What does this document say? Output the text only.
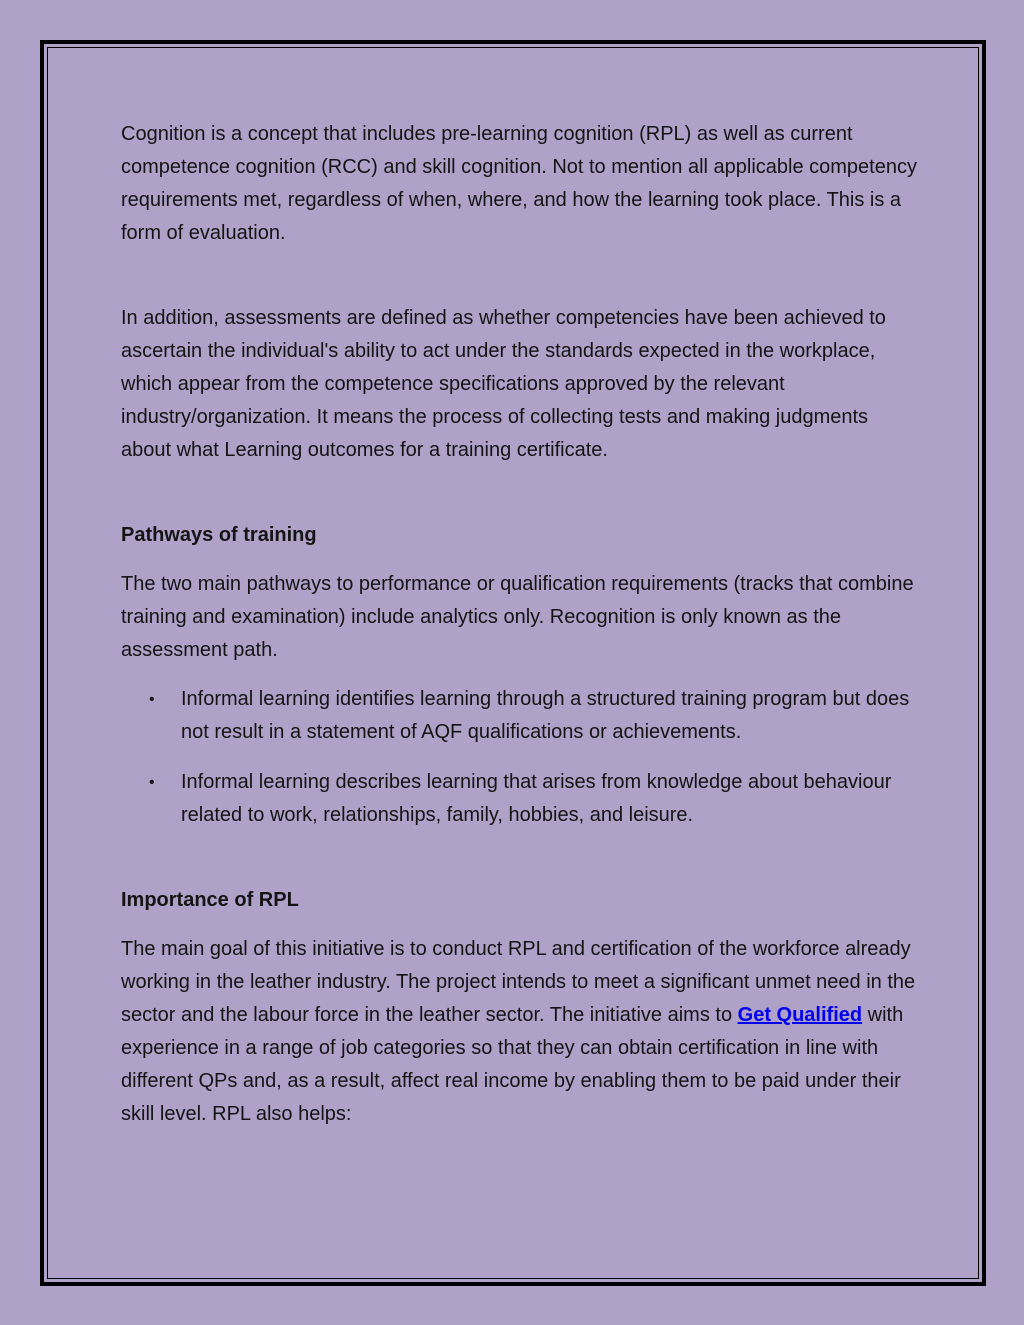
Cognition is a concept that includes pre-learning cognition (RPL) as well as current competence cognition (RCC) and skill cognition. Not to mention all applicable competency requirements met, regardless of when, where, and how the learning took place. This is a form of evaluation.

In addition, assessments are defined as whether competencies have been achieved to ascertain the individual's ability to act under the standards expected in the workplace, which appear from the competence specifications approved by the relevant industry/organization. It means the process of collecting tests and making judgments about what Learning outcomes for a training certificate.

Pathways of training

The two main pathways to performance or qualification requirements (tracks that combine training and examination) include analytics only. Recognition is only known as the assessment path.

• Informal learning identifies learning through a structured training program but does not result in a statement of AQF qualifications or achievements.
• Informal learning describes learning that arises from knowledge about behaviour related to work, relationships, family, hobbies, and leisure.

Importance of RPL

The main goal of this initiative is to conduct RPL and certification of the workforce already working in the leather industry. The project intends to meet a significant unmet need in the sector and the labour force in the leather sector. The initiative aims to Get Qualified with experience in a range of job categories so that they can obtain certification in line with different QPs and, as a result, affect real income by enabling them to be paid under their skill level. RPL also helps:
